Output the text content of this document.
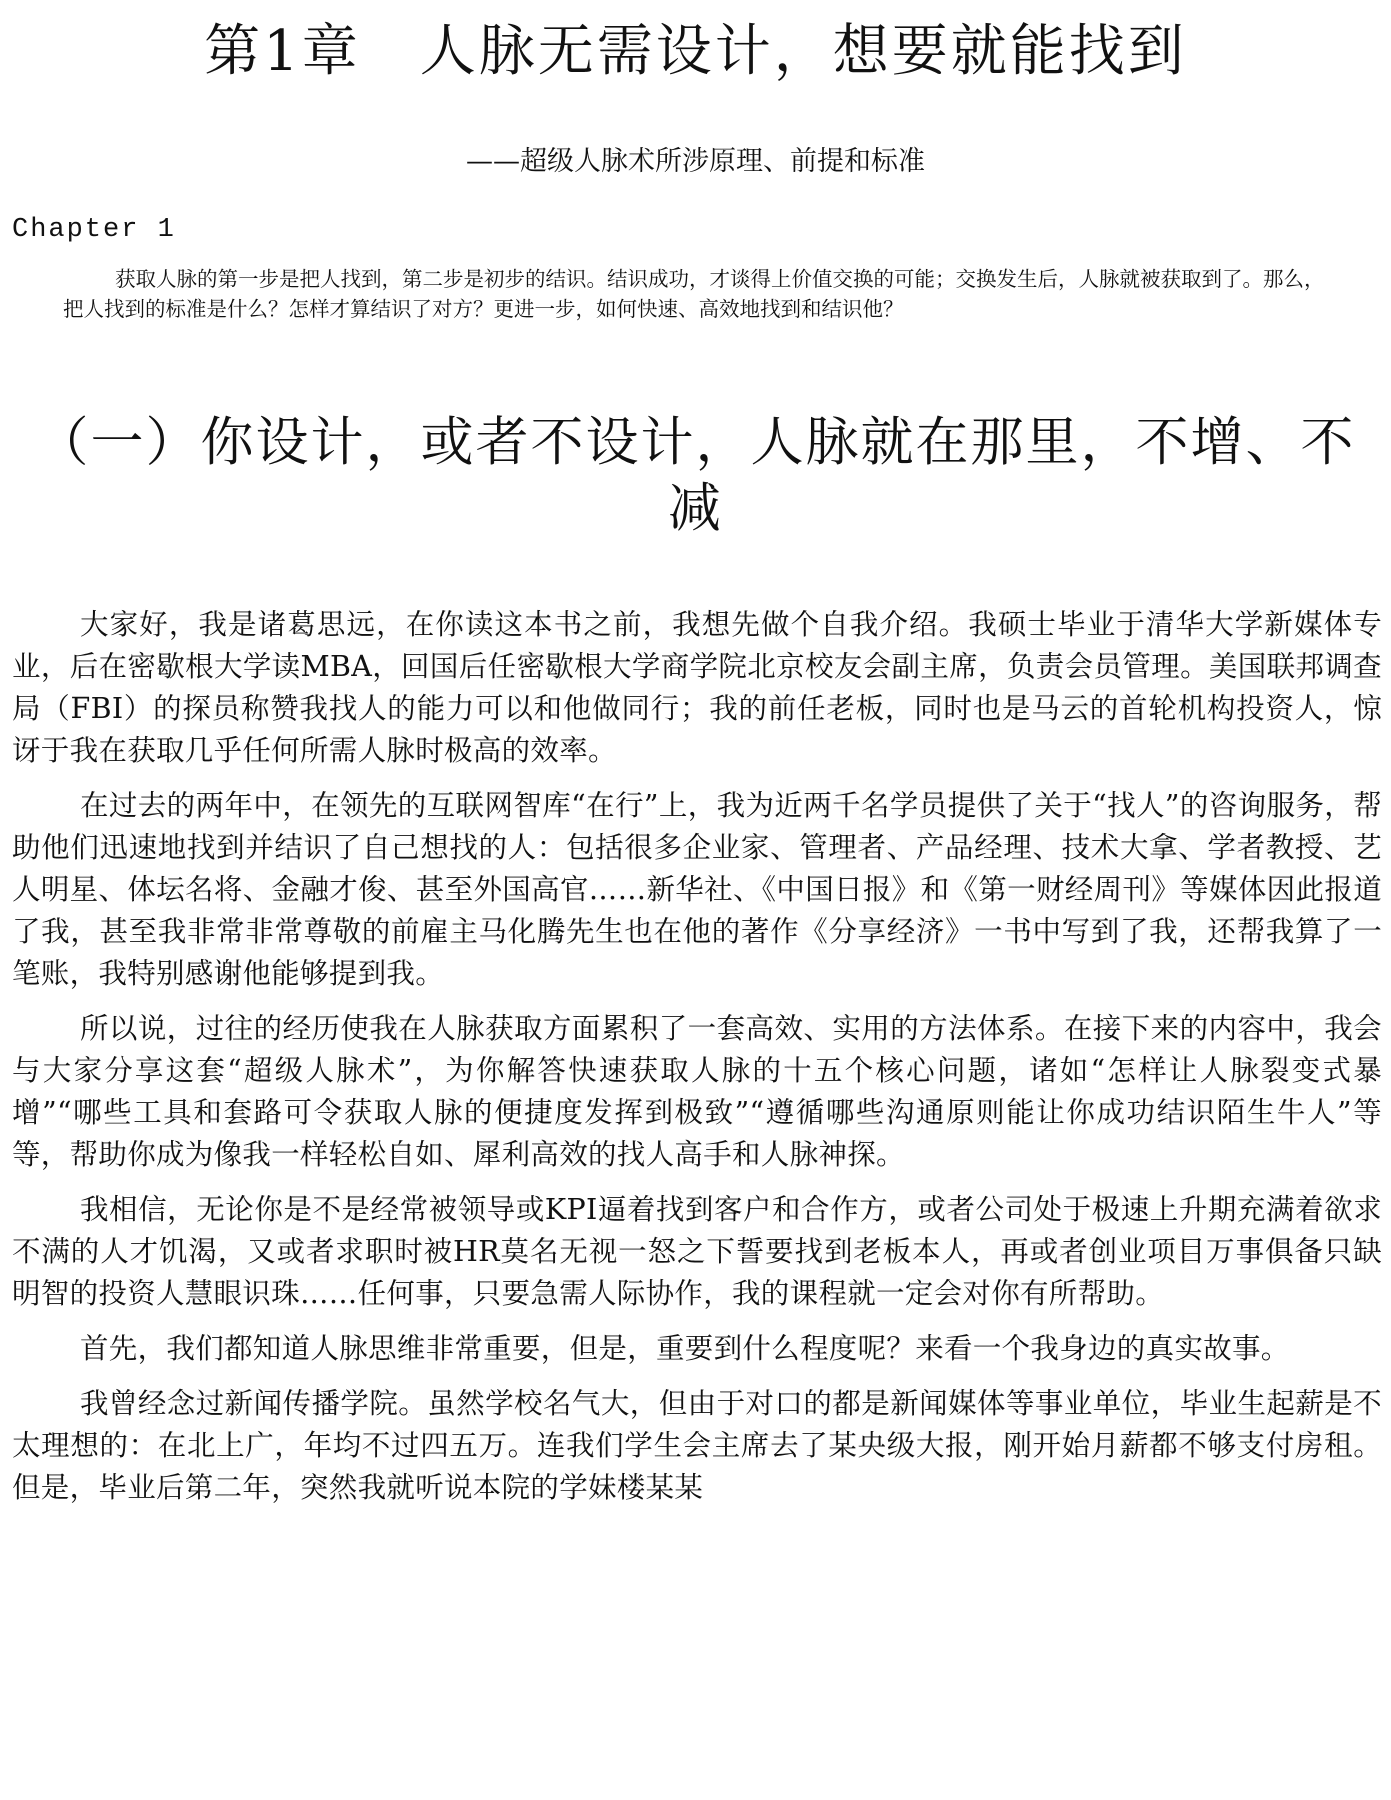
第1章　人脉无需设计，想要就能找到

——超级人脉术所涉原理、前提和标准

Chapter 1

获取人脉的第一步是把人找到，第二步是初步的结识。结识成功，才谈得上价值交换的可能；交换发生后，人脉就被获取到了。那么，把人找到的标准是什么？怎样才算结识了对方？更进一步，如何快速、高效地找到和结识他？

（一）你设计，或者不设计，人脉就在那里，不增、不减

大家好，我是诸葛思远，在你读这本书之前，我想先做个自我介绍。我硕士毕业于清华大学新媒体专业，后在密歇根大学读MBA，回国后任密歇根大学商学院北京校友会副主席，负责会员管理。美国联邦调查局（FBI）的探员称赞我找人的能力可以和他做同行；我的前任老板，同时也是马云的首轮机构投资人，惊讶于我在获取几乎任何所需人脉时极高的效率。

在过去的两年中，在领先的互联网智库“在行”上，我为近两千名学员提供了关于“找人”的咨询服务，帮助他们迅速地找到并结识了自己想找的人：包括很多企业家、管理者、产品经理、技术大拿、学者教授、艺人明星、体坛名将、金融才俊、甚至外国高官……新华社、《中国日报》和《第一财经周刊》等媒体因此报道了我，甚至我非常非常尊敬的前雇主马化腾先生也在他的著作《分享经济》一书中写到了我，还帮我算了一笔账，我特别感谢他能够提到我。

所以说，过往的经历使我在人脉获取方面累积了一套高效、实用的方法体系。在接下来的内容中，我会与大家分享这套“超级人脉术”，为你解答快速获取人脉的十五个核心问题，诸如“怎样让人脉裂变式暴增”“哪些工具和套路可令获取人脉的便捷度发挥到极致”“遵循哪些沟通原则能让你成功结识陌生牛人”等等，帮助你成为像我一样轻松自如、犀利高效的找人高手和人脉神探。

我相信，无论你是不是经常被领导或KPI逼着找到客户和合作方，或者公司处于极速上升期充满着欲求不满的人才饥渴，又或者求职时被HR莫名无视一怒之下誓要找到老板本人，再或者创业项目万事俱备只缺明智的投资人慧眼识珠……任何事，只要急需人际协作，我的课程就一定会对你有所帮助。

首先，我们都知道人脉思维非常重要，但是，重要到什么程度呢？来看一个我身边的真实故事。

我曾经念过新闻传播学院。虽然学校名气大，但由于对口的都是新闻媒体等事业单位，毕业生起薪是不太理想的：在北上广，年均不过四五万。连我们学生会主席去了某央级大报，刚开始月薪都不够支付房租。但是，毕业后第二年，突然我就听说本院的学妹楼某某
